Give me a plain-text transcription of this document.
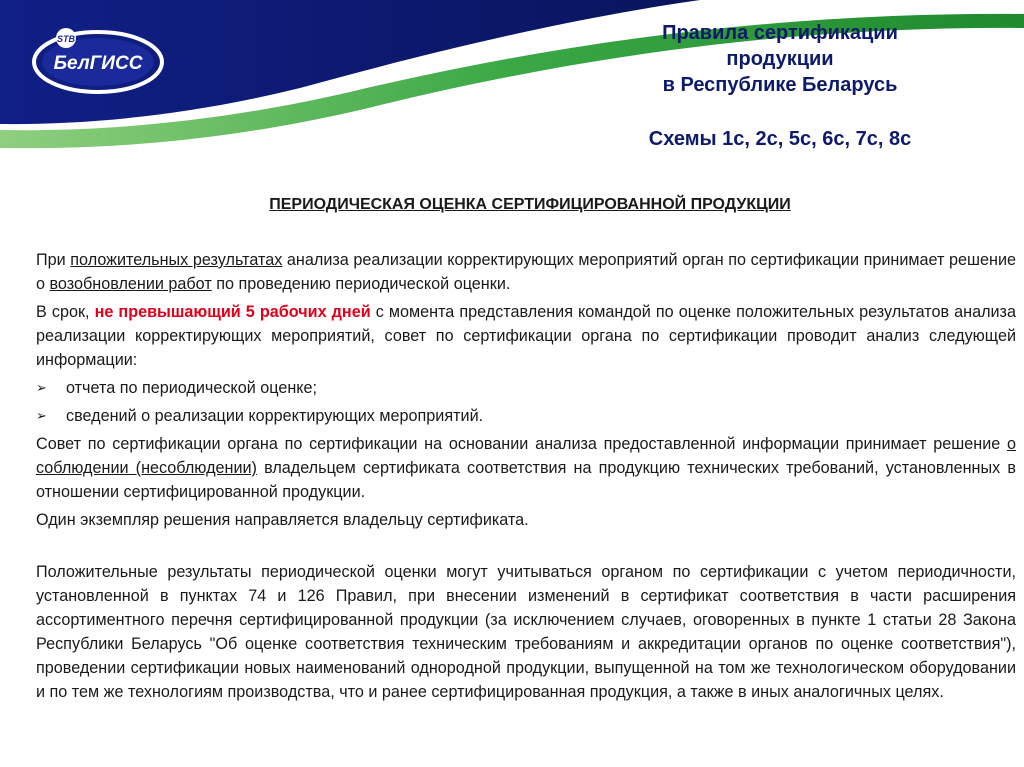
STB
БелГИСС
Правила сертификации
продукции
в Республике Беларусь
Схемы 1с, 2с, 5с, 6с, 7с, 8с
ПЕРИОДИЧЕСКАЯ ОЦЕНКА СЕРТИФИЦИРОВАННОЙ ПРОДУКЦИИ

При положительных результатах анализа реализации корректирующих мероприятий орган по сертификации принимает решение о возобновлении работ по проведению периодической оценки.

В срок, не превышающий 5 рабочих дней с момента представления командой по оценке положительных результатов анализа реализации корректирующих мероприятий, совет по сертификации органа по сертификации проводит анализ следующей информации:

➢	отчета по периодической оценке;
➢	сведений о реализации корректирующих мероприятий.

Совет по сертификации органа по сертификации на основании анализа предоставленной информации принимает решение о соблюдении (несоблюдении) владельцем сертификата соответствия на продукцию технических требований, установленных в отношении сертифицированной продукции.

Один экземпляр решения направляется владельцу сертификата.

Положительные результаты периодической оценки могут учитываться органом по сертификации с учетом периодичности, установленной в пунктах 74 и 126 Правил, при внесении изменений в сертификат соответствия в части расширения ассортиментного перечня сертифицированной продукции (за исключением случаев, оговоренных в пункте 1 статьи 28 Закона Республики Беларусь "Об оценке соответствия техническим требованиям и аккредитации органов по оценке соответствия"), проведении сертификации новых наименований однородной продукции, выпущенной на том же технологическом оборудовании и по тем же технологиям производства, что и ранее сертифицированная продукция, а также в иных аналогичных целях.
